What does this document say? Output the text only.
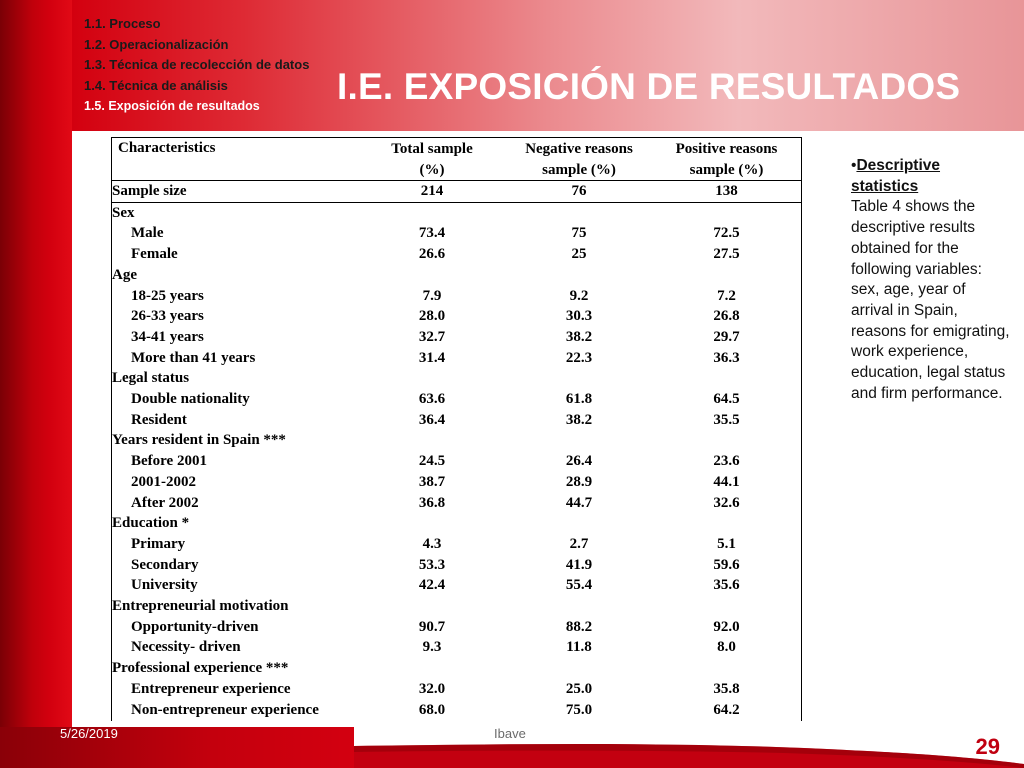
1.1. Proceso
1.2. Operacionalización
1.3. Técnica de recolección de datos
1.4. Técnica de análisis
1.5. Exposición de resultados	I.E. EXPOSICIÓN DE RESULTADOS
Characteristics	Total sample	Negative reasons	Positive reasons
	(%)	sample (%)	sample (%)
Sample size	214	76	138
Sex			
Male	73.4	75	72.5
Female	26.6	25	27.5
Age			
18-25 years	7.9	9.2	7.2
26-33 years	28.0	30.3	26.8
34-41 years	32.7	38.2	29.7
More than 41 years	31.4	22.3	36.3
Legal status			
Double nationality	63.6	61.8	64.5
Resident	36.4	38.2	35.5
Years resident in Spain ***			
Before 2001	24.5	26.4	23.6
2001-2002	38.7	28.9	44.1
After 2002	36.8	44.7	32.6
Education *			
Primary	4.3	2.7	5.1
Secondary	53.3	41.9	59.6
University	42.4	55.4	35.6
Entrepreneurial motivation			
Opportunity-driven	90.7	88.2	92.0
Necessity- driven	9.3	11.8	8.0
Professional experience ***			
Entrepreneur experience	32.0	25.0	35.8
Non-entrepreneur experience	68.0	75.0	64.2
•Descriptive statistics
Table 4 shows the descriptive results obtained for the following variables: sex, age, year of arrival in Spain, reasons for emigrating, work experience, education, legal status and firm performance.
5/26/2019	Ibave
29
